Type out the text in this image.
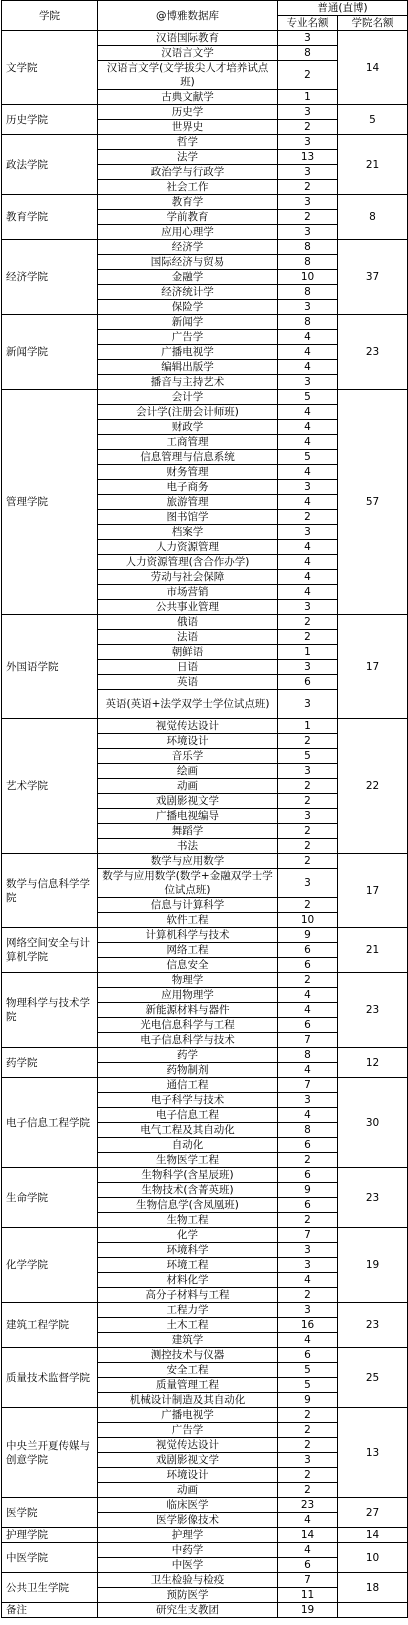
学院	@博雅数据库	普通(直博)	
		专业名额	学院名额
文学院	汉语国际教育	3	14
	汉语言文学	8	
	汉语言文学(文学拔尖人才培养试点班)	2	
	古典文献学	1	
历史学院	历史学	3	5
	世界史	2	
政法学院	哲学	3	21
	法学	13	
	政治学与行政学	3	
	社会工作	2	
教育学院	教育学	3	8
	学前教育	2	
	应用心理学	3	
经济学院	经济学	8	37
	国际经济与贸易	8	
	金融学	10	
	经济统计学	8	
	保险学	3	
新闻学院	新闻学	8	23
	广告学	4	
	广播电视学	4	
	编辑出版学	4	
	播音与主持艺术	3	
管理学院	会计学	5	57
	会计学(注册会计师班)	4	
	财政学	4	
	工商管理	4	
	信息管理与信息系统	5	
	财务管理	4	
	电子商务	3	
	旅游管理	4	
	图书馆学	2	
	档案学	3	
	人力资源管理	4	
	人力资源管理(含合作办学)	4	
	劳动与社会保障	4	
	市场营销	4	
	公共事业管理	3	
外国语学院	俄语	2	17
	法语	2	
	朝鲜语	1	
	日语	3	
	英语	6	
	英语(英语+法学双学士学位试点班)	3	
艺术学院	视觉传达设计	1	22
	环境设计	2	
	音乐学	5	
	绘画	3	
	动画	2	
	戏剧影视文学	2	
	广播电视编导	3	
	舞蹈学	2	
	书法	2	
数学与信息科学学院	数学与应用数学	2	17
	数学与应用数学(数学+金融双学士学位试点班)	3	
	信息与计算科学	2	
	软件工程	10	
网络空间安全与计算机学院	计算机科学与技术	9	21
	网络工程	6	
	信息安全	6	
物理科学与技术学院	物理学	2	23
	应用物理学	4	
	新能源材料与器件	4	
	光电信息科学与工程	6	
	电子信息科学与技术	7	
药学院	药学	8	12
	药物制剂	4	
电子信息工程学院	通信工程	7	30
	电子科学与技术	3	
	电子信息工程	4	
	电气工程及其自动化	8	
	自动化	6	
	生物医学工程	2	
生命学院	生物科学(含星辰班)	6	23
	生物技术(含菁英班)	9	
	生物信息学(含凤凰班)	6	
	生物工程	2	
化学学院	化学	7	19
	环境科学	3	
	环境工程	3	
	材料化学	4	
	高分子材料与工程	2	
建筑工程学院	工程力学	3	23
	土木工程	16	
	建筑学	4	
质量技术监督学院	测控技术与仪器	6	25
	安全工程	5	
	质量管理工程	5	
	机械设计制造及其自动化	9	
中央兰开夏传媒与创意学院	广播电视学	2	13
	广告学	2	
	视觉传达设计	2	
	戏剧影视文学	3	
	环境设计	2	
	动画	2	
医学院	临床医学	23	27
	医学影像技术	4	
护理学院	护理学	14	14
中医学院	中药学	4	10
	中医学	6	
公共卫生学院	卫生检验与检疫	7	18
	预防医学	11	
备注	研究生支教团	19	
